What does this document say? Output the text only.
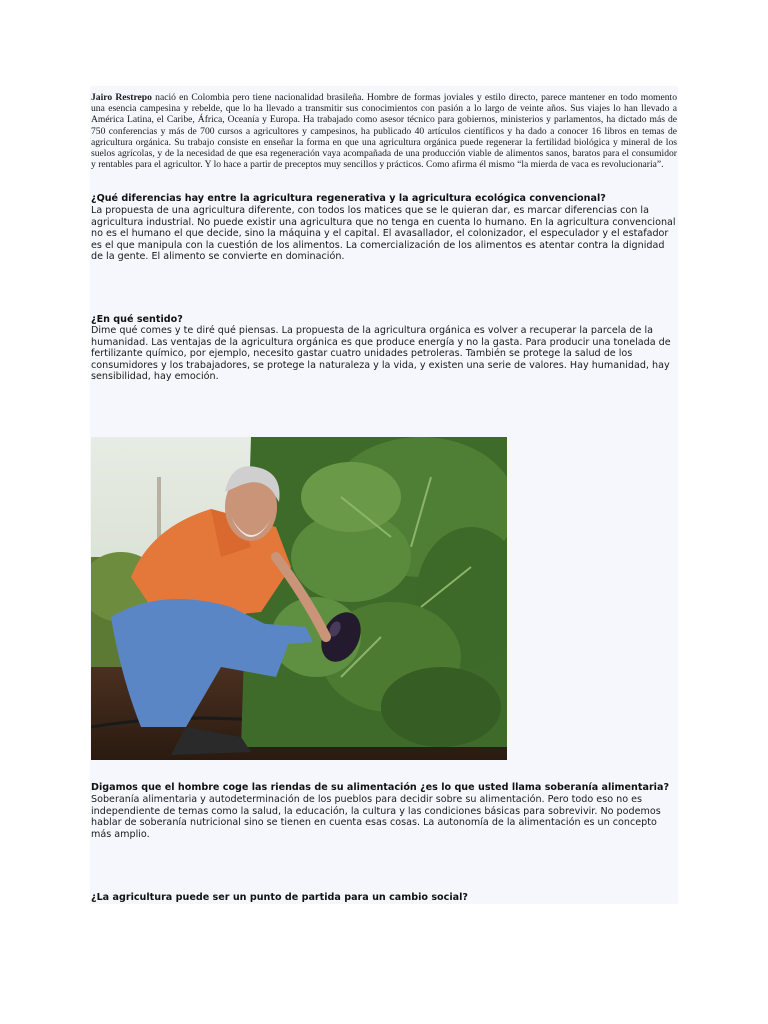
Jairo Restrepo nació en Colombia pero tiene nacionalidad brasileña. Hombre de formas joviales y estilo directo, parece mantener en todo momento una esencia campesina y rebelde, que lo ha llevado a transmitir sus conocimientos con pasión a lo largo de veinte años. Sus viajes lo han llevado a América Latina, el Caribe, África, Oceanía y Europa. Ha trabajado como asesor técnico para gobiernos, ministerios y parlamentos, ha dictado más de 750 conferencias y más de 700 cursos a agricultores y campesinos, ha publicado 40 artículos científicos y ha dado a conocer 16 libros en temas de agricultura orgánica. Su trabajo consiste en enseñar la forma en que una agricultura orgánica puede regenerar la fertilidad biológica y mineral de los suelos agrícolas, y de la necesidad de que esa regeneración vaya acompañada de una producción viable de alimentos sanos, baratos para el consumidor y rentables para el agricultor. Y lo hace a partir de preceptos muy sencillos y prácticos. Como afirma él mismo “la mierda de vaca es revolucionaria”.

¿Qué diferencias hay entre la agricultura regenerativa y la agricultura ecológica convencional?

La propuesta de una agricultura diferente, con todos los matices que se le quieran dar, es marcar diferencias con la agricultura industrial. No puede existir una agricultura que no tenga en cuenta lo humano. En la agricultura convencional no es el humano el que decide, sino la máquina y el capital. El avasallador, el colonizador, el especulador y el estafador es el que manipula con la cuestión de los alimentos. La comercialización de los alimentos es atentar contra la dignidad de la gente. El alimento se convierte en dominación.

¿En qué sentido?

Dime qué comes y te diré qué piensas. La propuesta de la agricultura orgánica es volver a recuperar la parcela de la humanidad. Las ventajas de la agricultura orgánica es que produce energía y no la gasta. Para producir una tonelada de fertilizante químico, por ejemplo, necesito gastar cuatro unidades petroleras. También se protege la salud de los consumidores y los trabajadores, se protege la naturaleza y la vida, y existen una serie de valores. Hay humanidad, hay sensibilidad, hay emoción.

Digamos que el hombre coge las riendas de su alimentación ¿es lo que usted llama soberanía alimentaria?

Soberanía alimentaria y autodeterminación de los pueblos para decidir sobre su alimentación. Pero todo eso no es independiente de temas como la salud, la educación, la cultura y las condiciones básicas para sobrevivir. No podemos hablar de soberanía nutricional sino se tienen en cuenta esas cosas. La autonomía de la alimentación es un concepto más amplio.

¿La agricultura puede ser un punto de partida para un cambio social?
